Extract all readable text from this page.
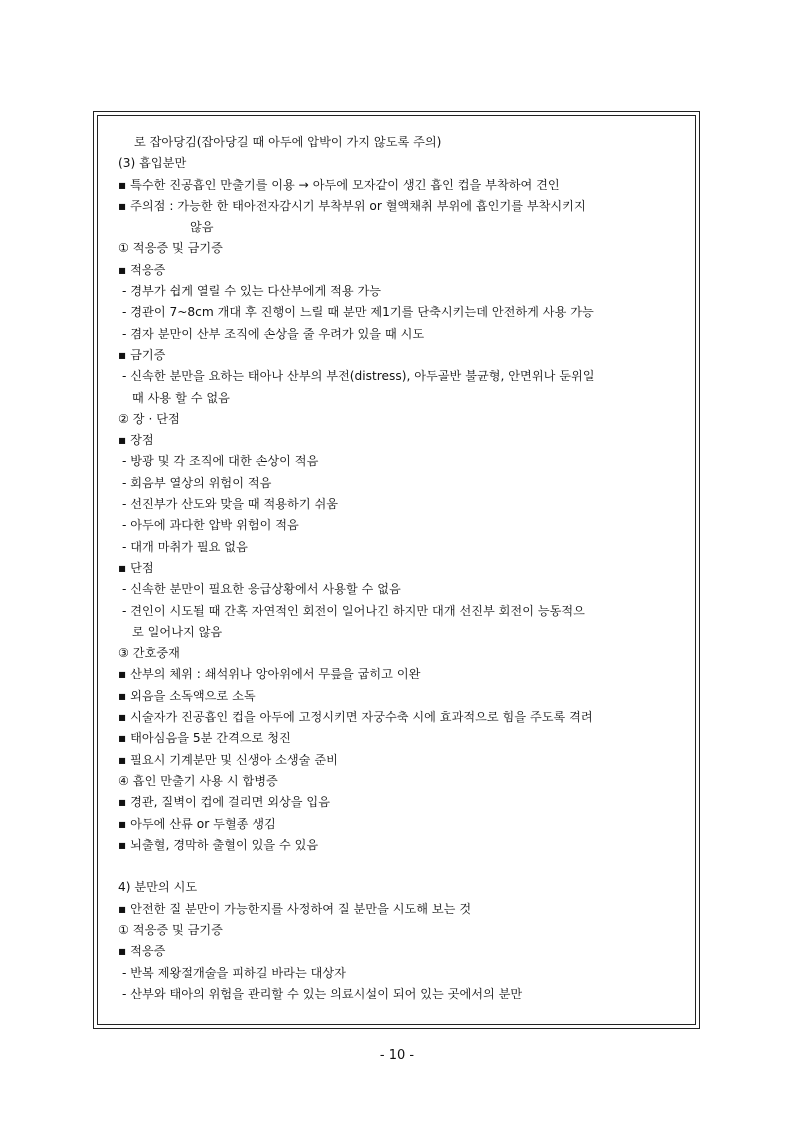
로 잡아당김(잡아당길 때 아두에 압박이 가지 않도록 주의)
(3) 흡입분만
▪ 특수한 진공흡인 만출기를 이용 → 아두에 모자같이 생긴 흡인 컵을 부착하여 견인
▪ 주의점 : 가능한 한 태아전자감시기 부착부위 or 혈액채취 부위에 흡인기를 부착시키지
않음
① 적응증 및 금기증
▪ 적응증
- 경부가 쉽게 열릴 수 있는 다산부에게 적용 가능
- 경관이 7~8cm 개대 후 진행이 느릴 때 분만 제1기를 단축시키는데 안전하게 사용 가능
- 겸자 분만이 산부 조직에 손상을 줄 우려가 있을 때 시도
▪ 금기증
- 신속한 분만을 요하는 태아나 산부의 부전(distress), 아두골반 불균형, 안면위나 둔위일
때 사용 할 수 없음
② 장 · 단점
▪ 장점
- 방광 및 각 조직에 대한 손상이 적음
- 회음부 열상의 위험이 적음
- 선진부가 산도와 맞을 때 적용하기 쉬움
- 아두에 과다한 압박 위험이 적음
- 대개 마취가 필요 없음
▪ 단점
- 신속한 분만이 필요한 응급상황에서 사용할 수 없음
- 견인이 시도될 때 간혹 자연적인 회전이 일어나긴 하지만 대개 선진부 회전이 능동적으
로 일어나지 않음
③ 간호중재
▪ 산부의 체위 : 쇄석위나 앙아위에서 무릎을 굽히고 이완
▪ 외음을 소독액으로 소독
▪ 시술자가 진공흡인 컵을 아두에 고정시키면 자궁수축 시에 효과적으로 힘을 주도록 격려
▪ 태아심음을 5분 간격으로 청진
▪ 필요시 기계분만 및 신생아 소생술 준비
④ 흡인 만출기 사용 시 합병증
▪ 경관, 질벽이 컵에 걸리면 외상을 입음
▪ 아두에 산류 or 두혈종 생김
▪ 뇌출혈, 경막하 출혈이 있을 수 있음
4) 분만의 시도
▪ 안전한 질 분만이 가능한지를 사정하여 질 분만을 시도해 보는 것
① 적응증 및 금기증
▪ 적응증
- 반복 제왕절개술을 피하길 바라는 대상자
- 산부와 태아의 위험을 관리할 수 있는 의료시설이 되어 있는 곳에서의 분만
- 10 -
